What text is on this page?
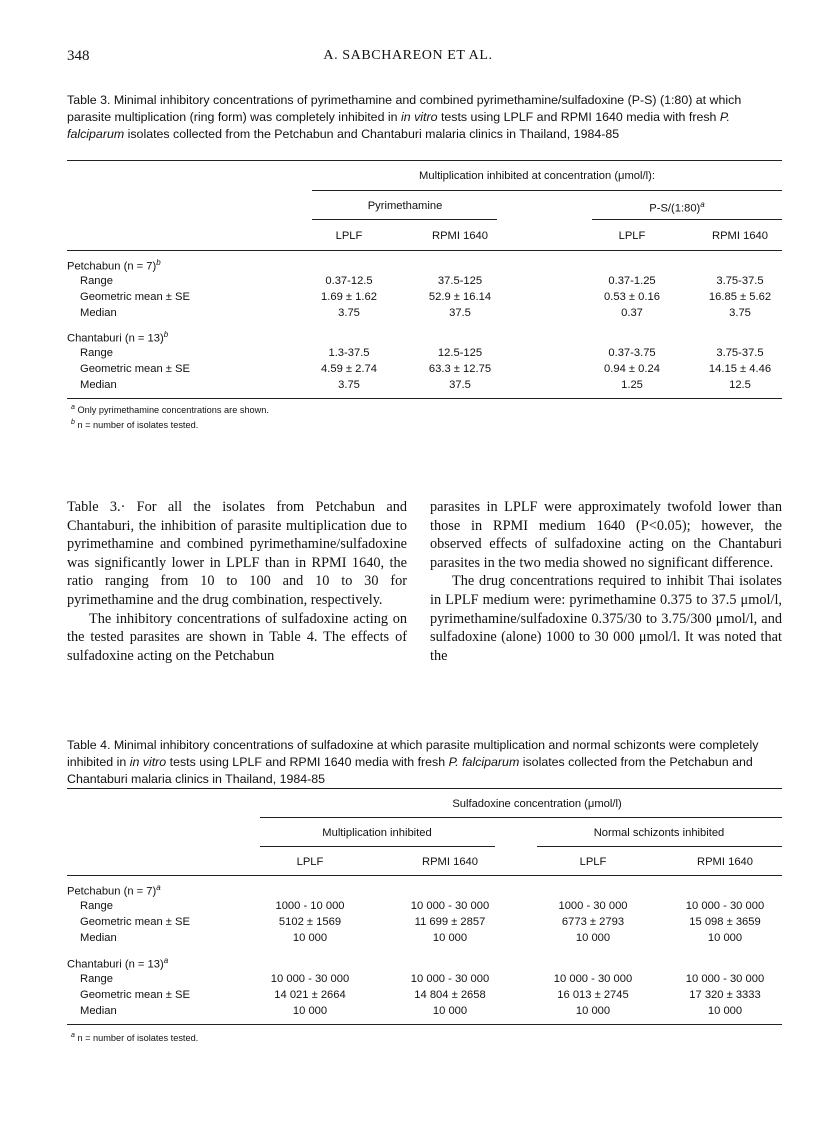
348	A. SABCHAREON ET AL.
Table 3. Minimal inhibitory concentrations of pyrimethamine and combined pyrimethamine/sulfadoxine (P-S) (1:80) at which parasite multiplication (ring form) was completely inhibited in in vitro tests using LPLF and RPMI 1640 media with fresh P. falciparum isolates collected from the Petchabun and Chantaburi malaria clinics in Thailand, 1984-85
Multiplication inhibited at concentration (μmol/l):
Pyrimethamine	P-S/(1:80)$^a$
LPLF	RPMI 1640	LPLF	RPMI 1640
Petchabun (n = 7)$^b$
Range	0.37-12.5	37.5-125	0.37-1.25	3.75-37.5
Geometric mean ± SE	1.69 ± 1.62	52.9 ± 16.14	0.53 ± 0.16	16.85 ± 5.62
Median	3.75	37.5	0.37	3.75
Chantaburi (n = 13)$^b$
Range	1.3-37.5	12.5-125	0.37-3.75	3.75-37.5
Geometric mean ± SE	4.59 ± 2.74	63.3 ± 12.75	0.94 ± 0.24	14.15 ± 4.46
Median	3.75	37.5	1.25	12.5
$^a$ Only pyrimethamine concentrations are shown.
$^b$ n = number of isolates tested.

Table 3.· For all the isolates from Petchabun and Chantaburi, the inhibition of parasite multiplication due to pyrimethamine and combined pyrimethamine/sulfadoxine was significantly lower in LPLF than in RPMI 1640, the ratio ranging from 10 to 100 and 10 to 30 for pyrimethamine and the drug combination, respectively.

The inhibitory concentrations of sulfadoxine acting on the tested parasites are shown in Table 4. The effects of sulfadoxine acting on the Petchabun

parasites in LPLF were approximately twofold lower than those in RPMI medium 1640 (P<0.05); however, the observed effects of sulfadoxine acting on the Chantaburi parasites in the two media showed no significant difference.

The drug concentrations required to inhibit Thai isolates in LPLF medium were: pyrimethamine 0.375 to 37.5 μmol/l, pyrimethamine/sulfadoxine 0.375/30 to 3.75/300 μmol/l, and sulfadoxine (alone) 1000 to 30 000 μmol/l. It was noted that the

Table 4. Minimal inhibitory concentrations of sulfadoxine at which parasite multiplication and normal schizonts were completely inhibited in in vitro tests using LPLF and RPMI 1640 media with fresh P. falciparum isolates collected from the Petchabun and Chantaburi malaria clinics in Thailand, 1984-85
Sulfadoxine concentration (μmol/l)
Multiplication inhibited	Normal schizonts inhibited
LPLF	RPMI 1640	LPLF	RPMI 1640
Petchabun (n = 7)$^a$
Range	1000 - 10 000	10 000 - 30 000	1000 - 30 000	10 000 - 30 000
Geometric mean ± SE	5102 ± 1569	11 699 ± 2857	6773 ± 2793	15 098 ± 3659
Median	10 000	10 000	10 000	10 000
Chantaburi (n = 13)$^a$
Range	10 000 - 30 000	10 000 - 30 000	10 000 - 30 000	10 000 - 30 000
Geometric mean ± SE	14 021 ± 2664	14 804 ± 2658	16 013 ± 2745	17 320 ± 3333
Median	10 000	10 000	10 000	10 000
$^a$ n = number of isolates tested.
